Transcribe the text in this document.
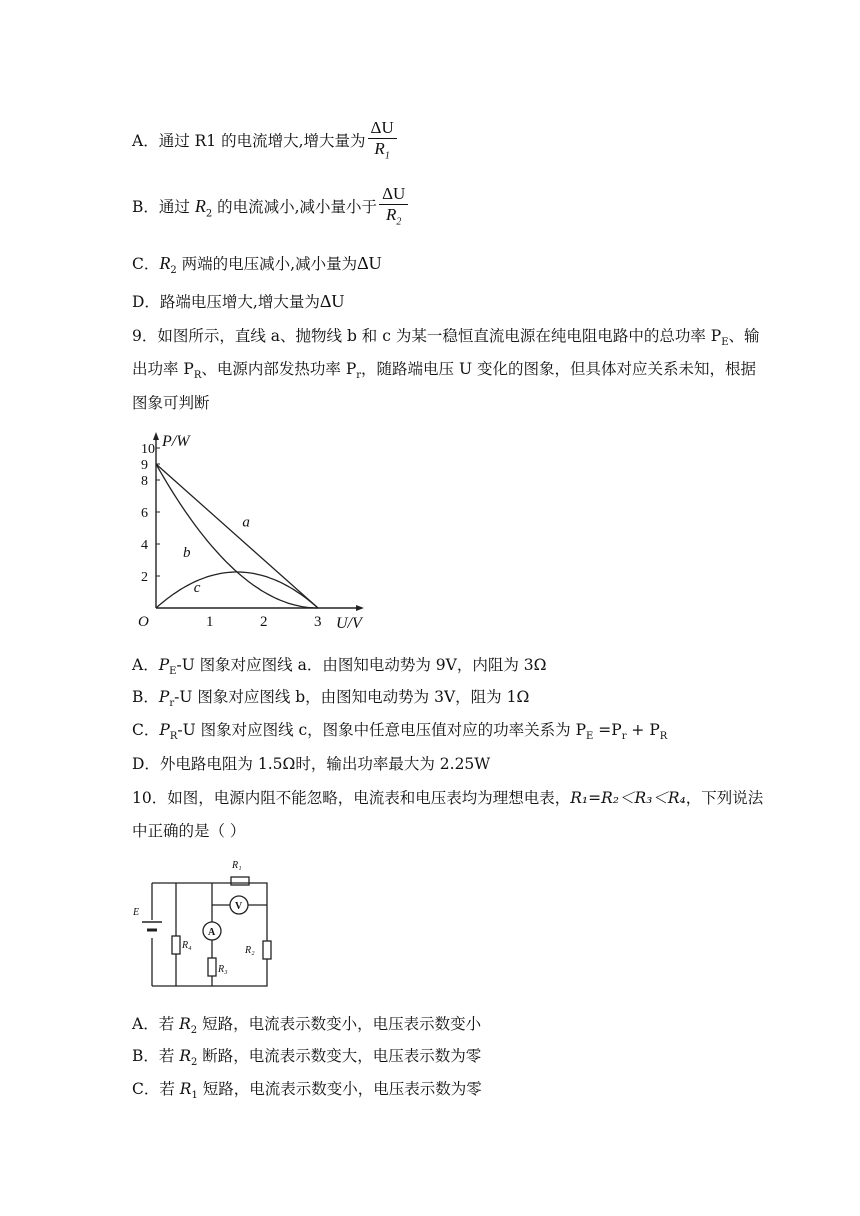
A．通过 R1 的电流增大,增大量为 $\frac{\Delta U}{R_1}$
B．通过 $R_2$ 的电流减小,减小量小于 $\frac{\Delta U}{R_2}$
C．$R_2$ 两端的电压减小,减小量为ΔU
D．路端电压增大,增大量为ΔU
9．如图所示，直线 a、抛物线 b 和 c 为某一稳恒直流电源在纯电阻电路中的总功率 $P_E$、输
出功率 $P_R$、电源内部发热功率 $P_r$，随路端电压 U 变化的图象，但具体对应关系未知，根据
图象可判断
2
4
6
8
9
10
O	1	2	3
a
b
c
P/W
U/V
A．$P_E-U$ 图象对应图线 a．由图知电动势为 9V，内阻为 3Ω
B．$P_r-U$ 图象对应图线 b，由图知电动势为 3V，阻为 1Ω
C．$P_R-U$ 图象对应图线 c，图象中任意电压值对应的功率关系为 $P_E =P_r + P_R$
D．外电路电阻为 1.5Ω时，输出功率最大为 2.25W
10．如图，电源内阻不能忽略，电流表和电压表均为理想电表，R₁=R₂＜R₃＜R₄，下列说法
中正确的是（ ）
R₁
R₂
R₃
R₄
E
A
V
A．若 $R_2$ 短路，电流表示数变小，电压表示数变小
B．若 $R_2$ 断路，电流表示数变大，电压表示数为零
C．若 $R_1$ 短路，电流表示数变小，电压表示数为零
